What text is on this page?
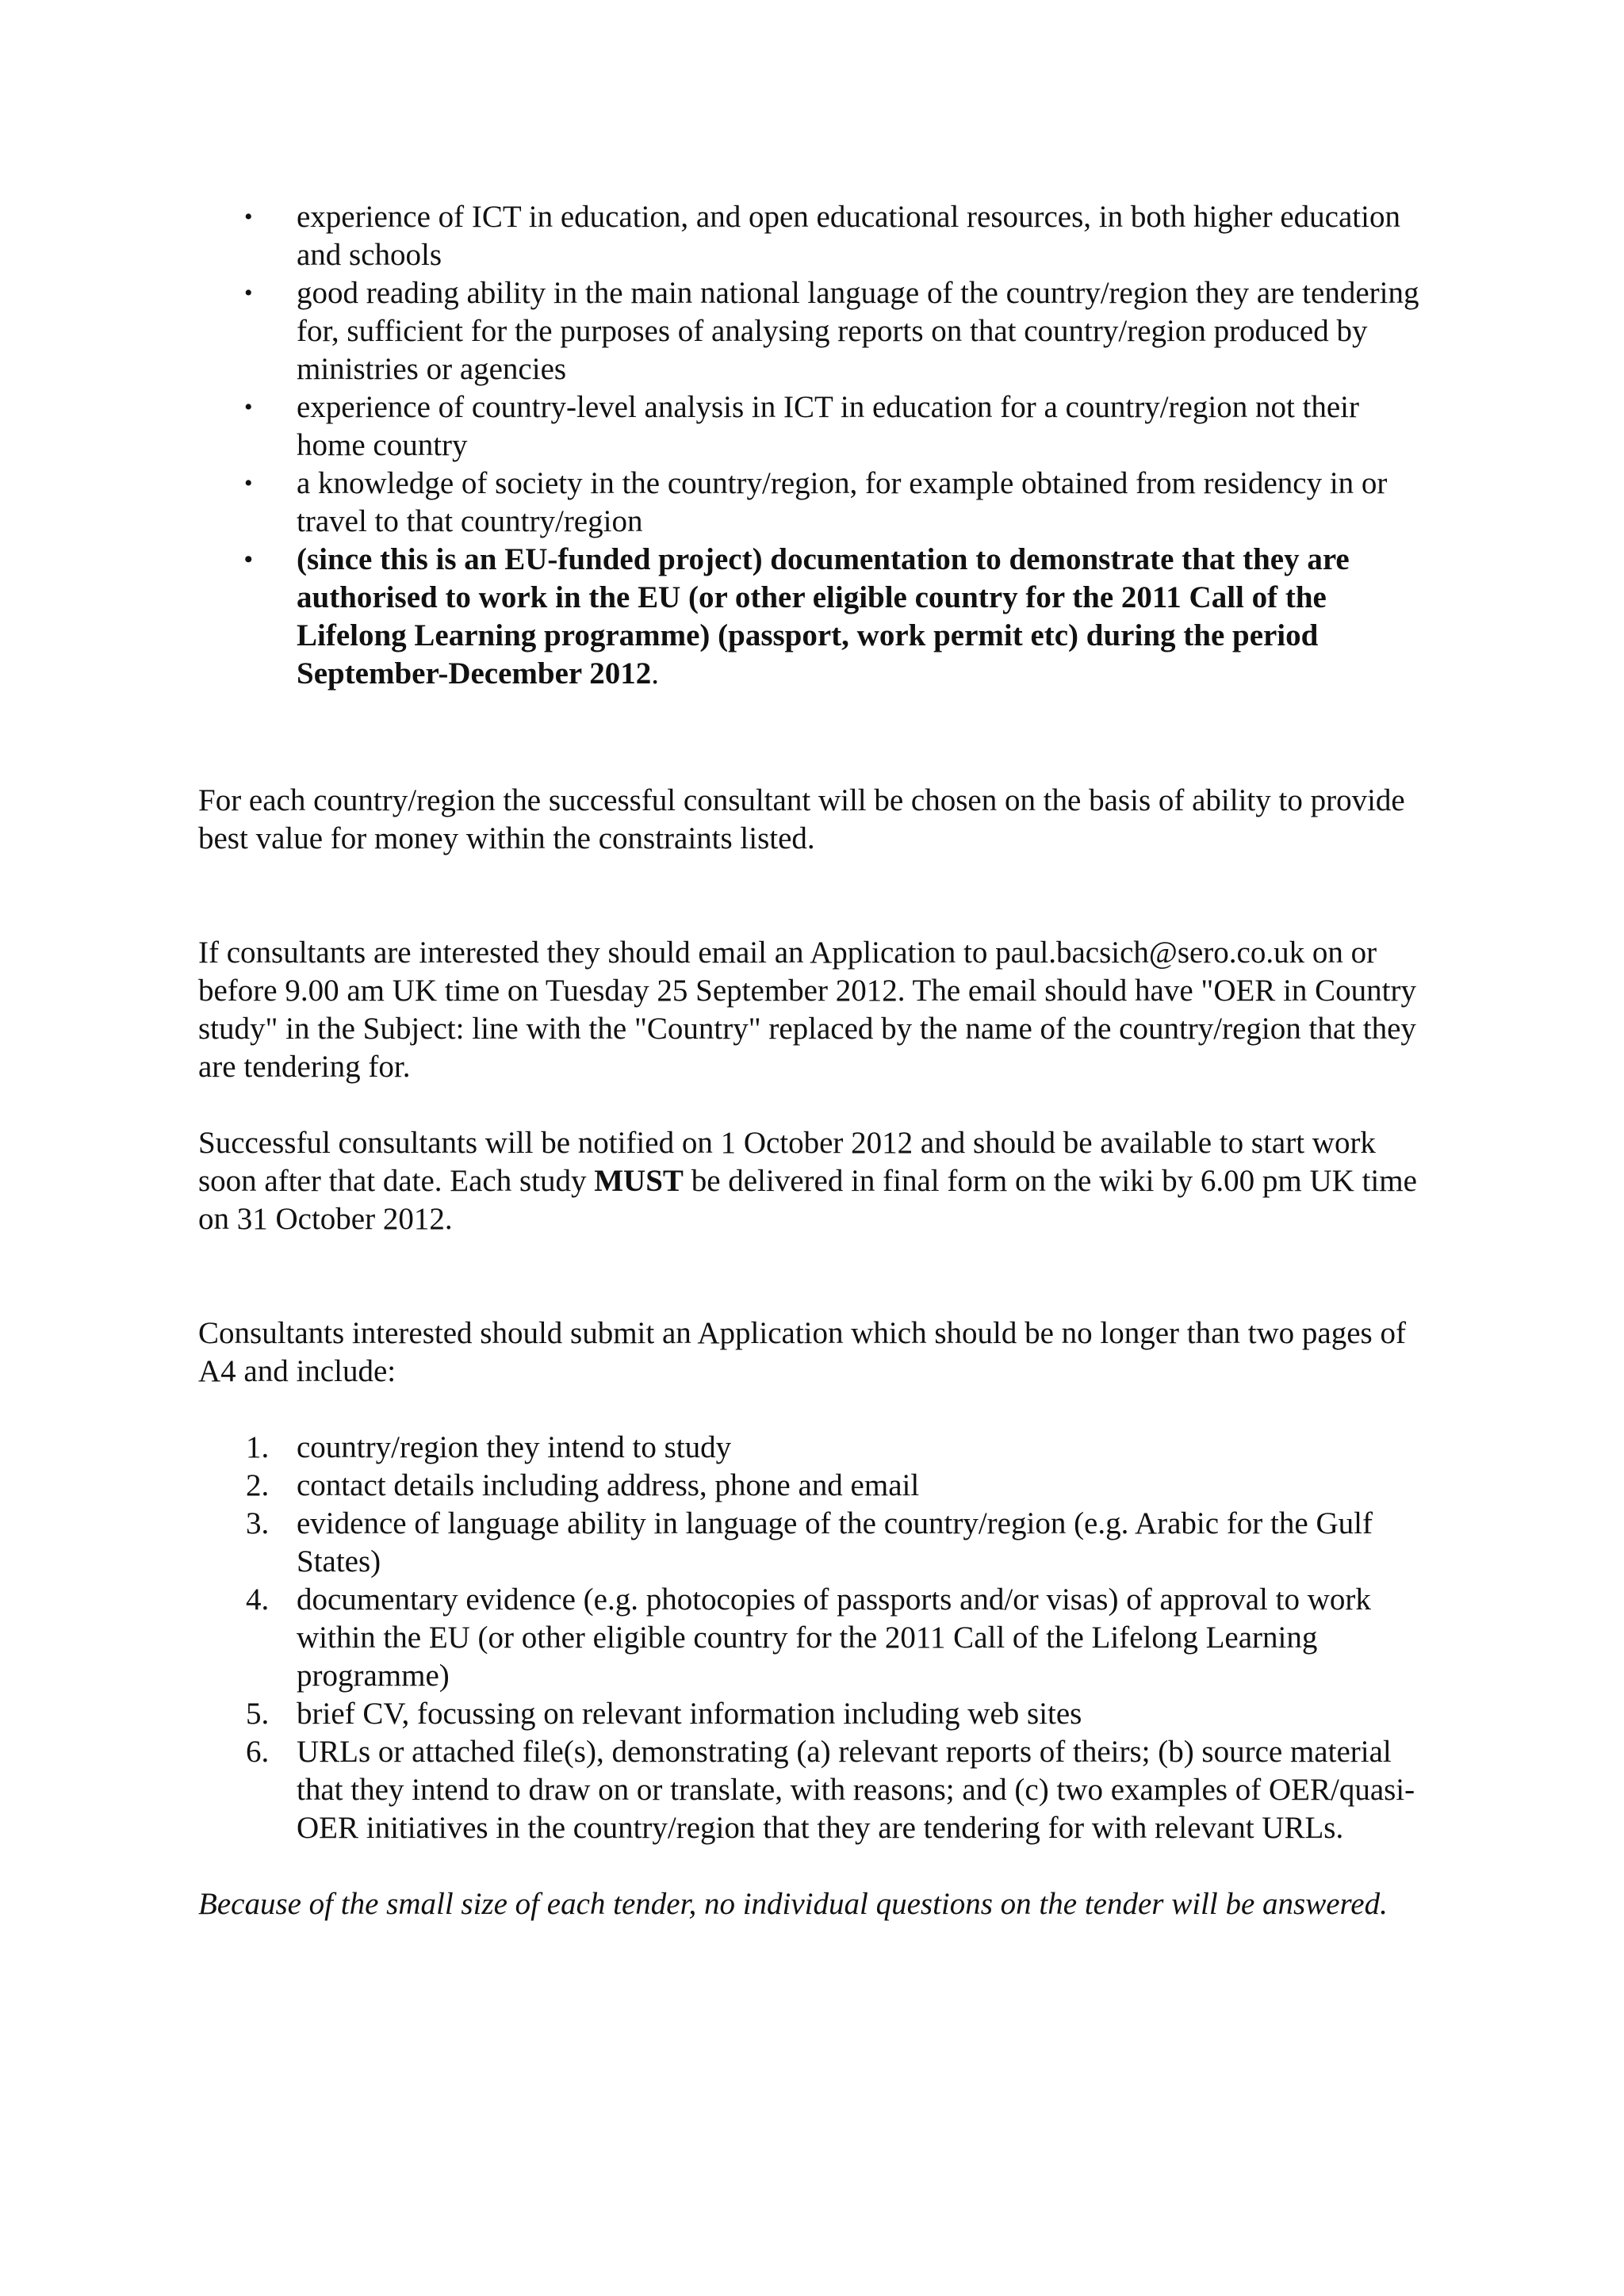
• experience of ICT in education, and open educational resources, in both higher education and schools
• good reading ability in the main national language of the country/region they are tendering for, sufficient for the purposes of analysing reports on that country/region produced by ministries or agencies
• experience of country-level analysis in ICT in education for a country/region not their home country
• a knowledge of society in the country/region, for example obtained from residency in or travel to that country/region
• (since this is an EU-funded project) documentation to demonstrate that they are authorised to work in the EU (or other eligible country for the 2011 Call of the Lifelong Learning programme) (passport, work permit etc) during the period September-December 2012.

For each country/region the successful consultant will be chosen on the basis of ability to provide best value for money within the constraints listed.

If consultants are interested they should email an Application to paul.bacsich@sero.co.uk on or before 9.00 am UK time on Tuesday 25 September 2012. The email should have "OER in Country study" in the Subject: line with the "Country" replaced by the name of the country/region that they are tendering for.

Successful consultants will be notified on 1 October 2012 and should be available to start work soon after that date. Each study MUST be delivered in final form on the wiki by 6.00 pm UK time on 31 October 2012.

Consultants interested should submit an Application which should be no longer than two pages of A4 and include:

1. country/region they intend to study
2. contact details including address, phone and email
3. evidence of language ability in language of the country/region (e.g. Arabic for the Gulf States)
4. documentary evidence (e.g. photocopies of passports and/or visas) of approval to work within the EU (or other eligible country for the 2011 Call of the Lifelong Learning programme)
5. brief CV, focussing on relevant information including web sites
6. URLs or attached file(s), demonstrating (a) relevant reports of theirs; (b) source material that they intend to draw on or translate, with reasons; and (c) two examples of OER/quasi-OER initiatives in the country/region that they are tendering for with relevant URLs.

Because of the small size of each tender, no individual questions on the tender will be answered.
